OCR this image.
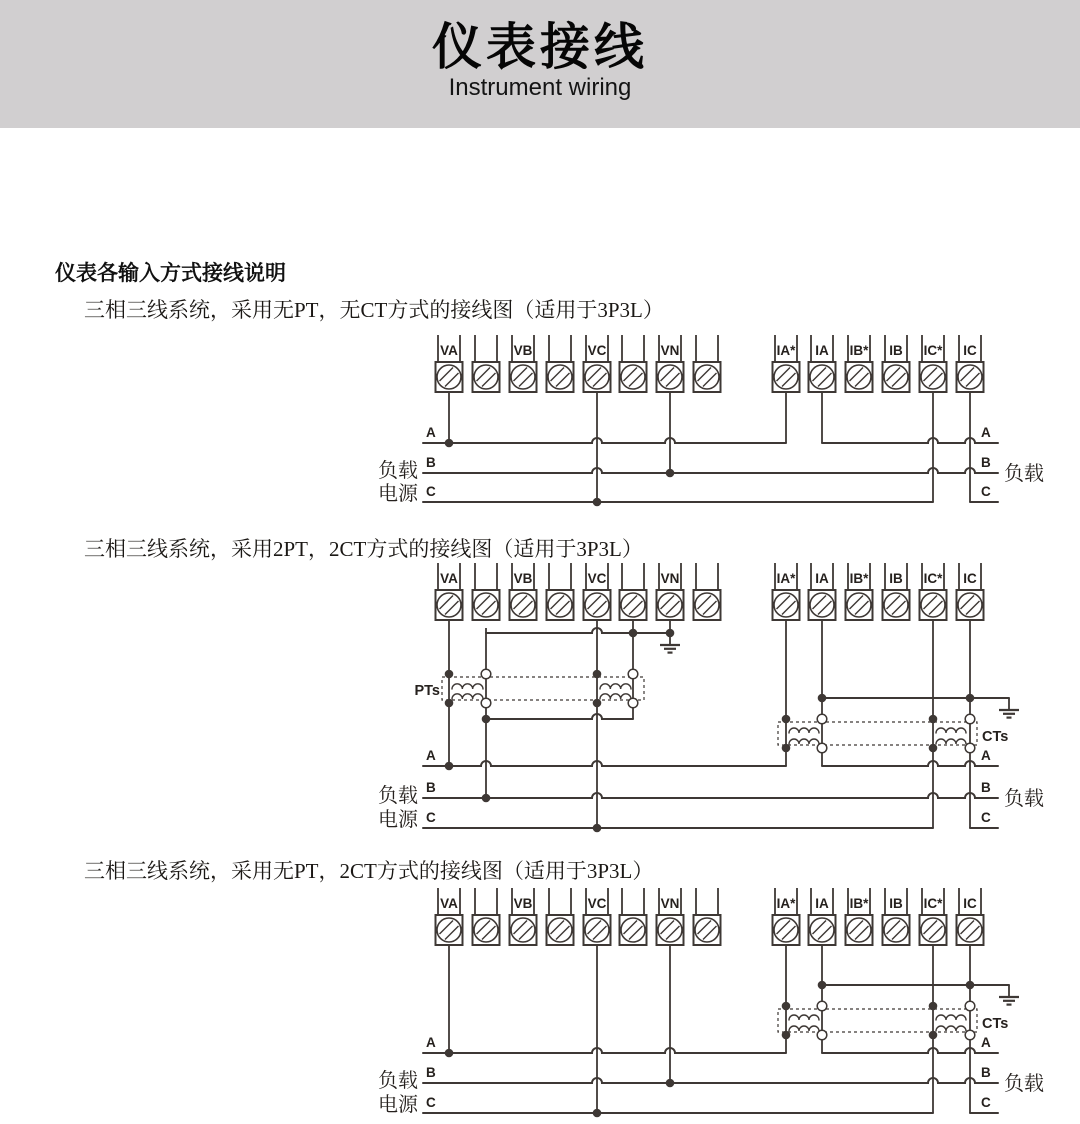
仪表接线
Instrument wiring
仪表各输入方式接线说明
三相三线系统，采用无PT，无CT方式的接线图（适用于3P3L）
三相三线系统，采用2PT，2CT方式的接线图（适用于3P3L）
三相三线系统，采用无PT，2CT方式的接线图（适用于3P3L）
VA	VB	VC	VN	IA* IA IB* IB IC* IC
A	A
B	B
C	C
负载
电源
负载
VA	VB	VC	VN	IA* IA IB* IB IC* IC
PTs
CTs
A	A
B	B
C	C
负载
电源
负载
VA	VB	VC	VN	IA* IA IB* IB IC* IC
CTs
A	A
B	B
C	C
负载
电源
负载
